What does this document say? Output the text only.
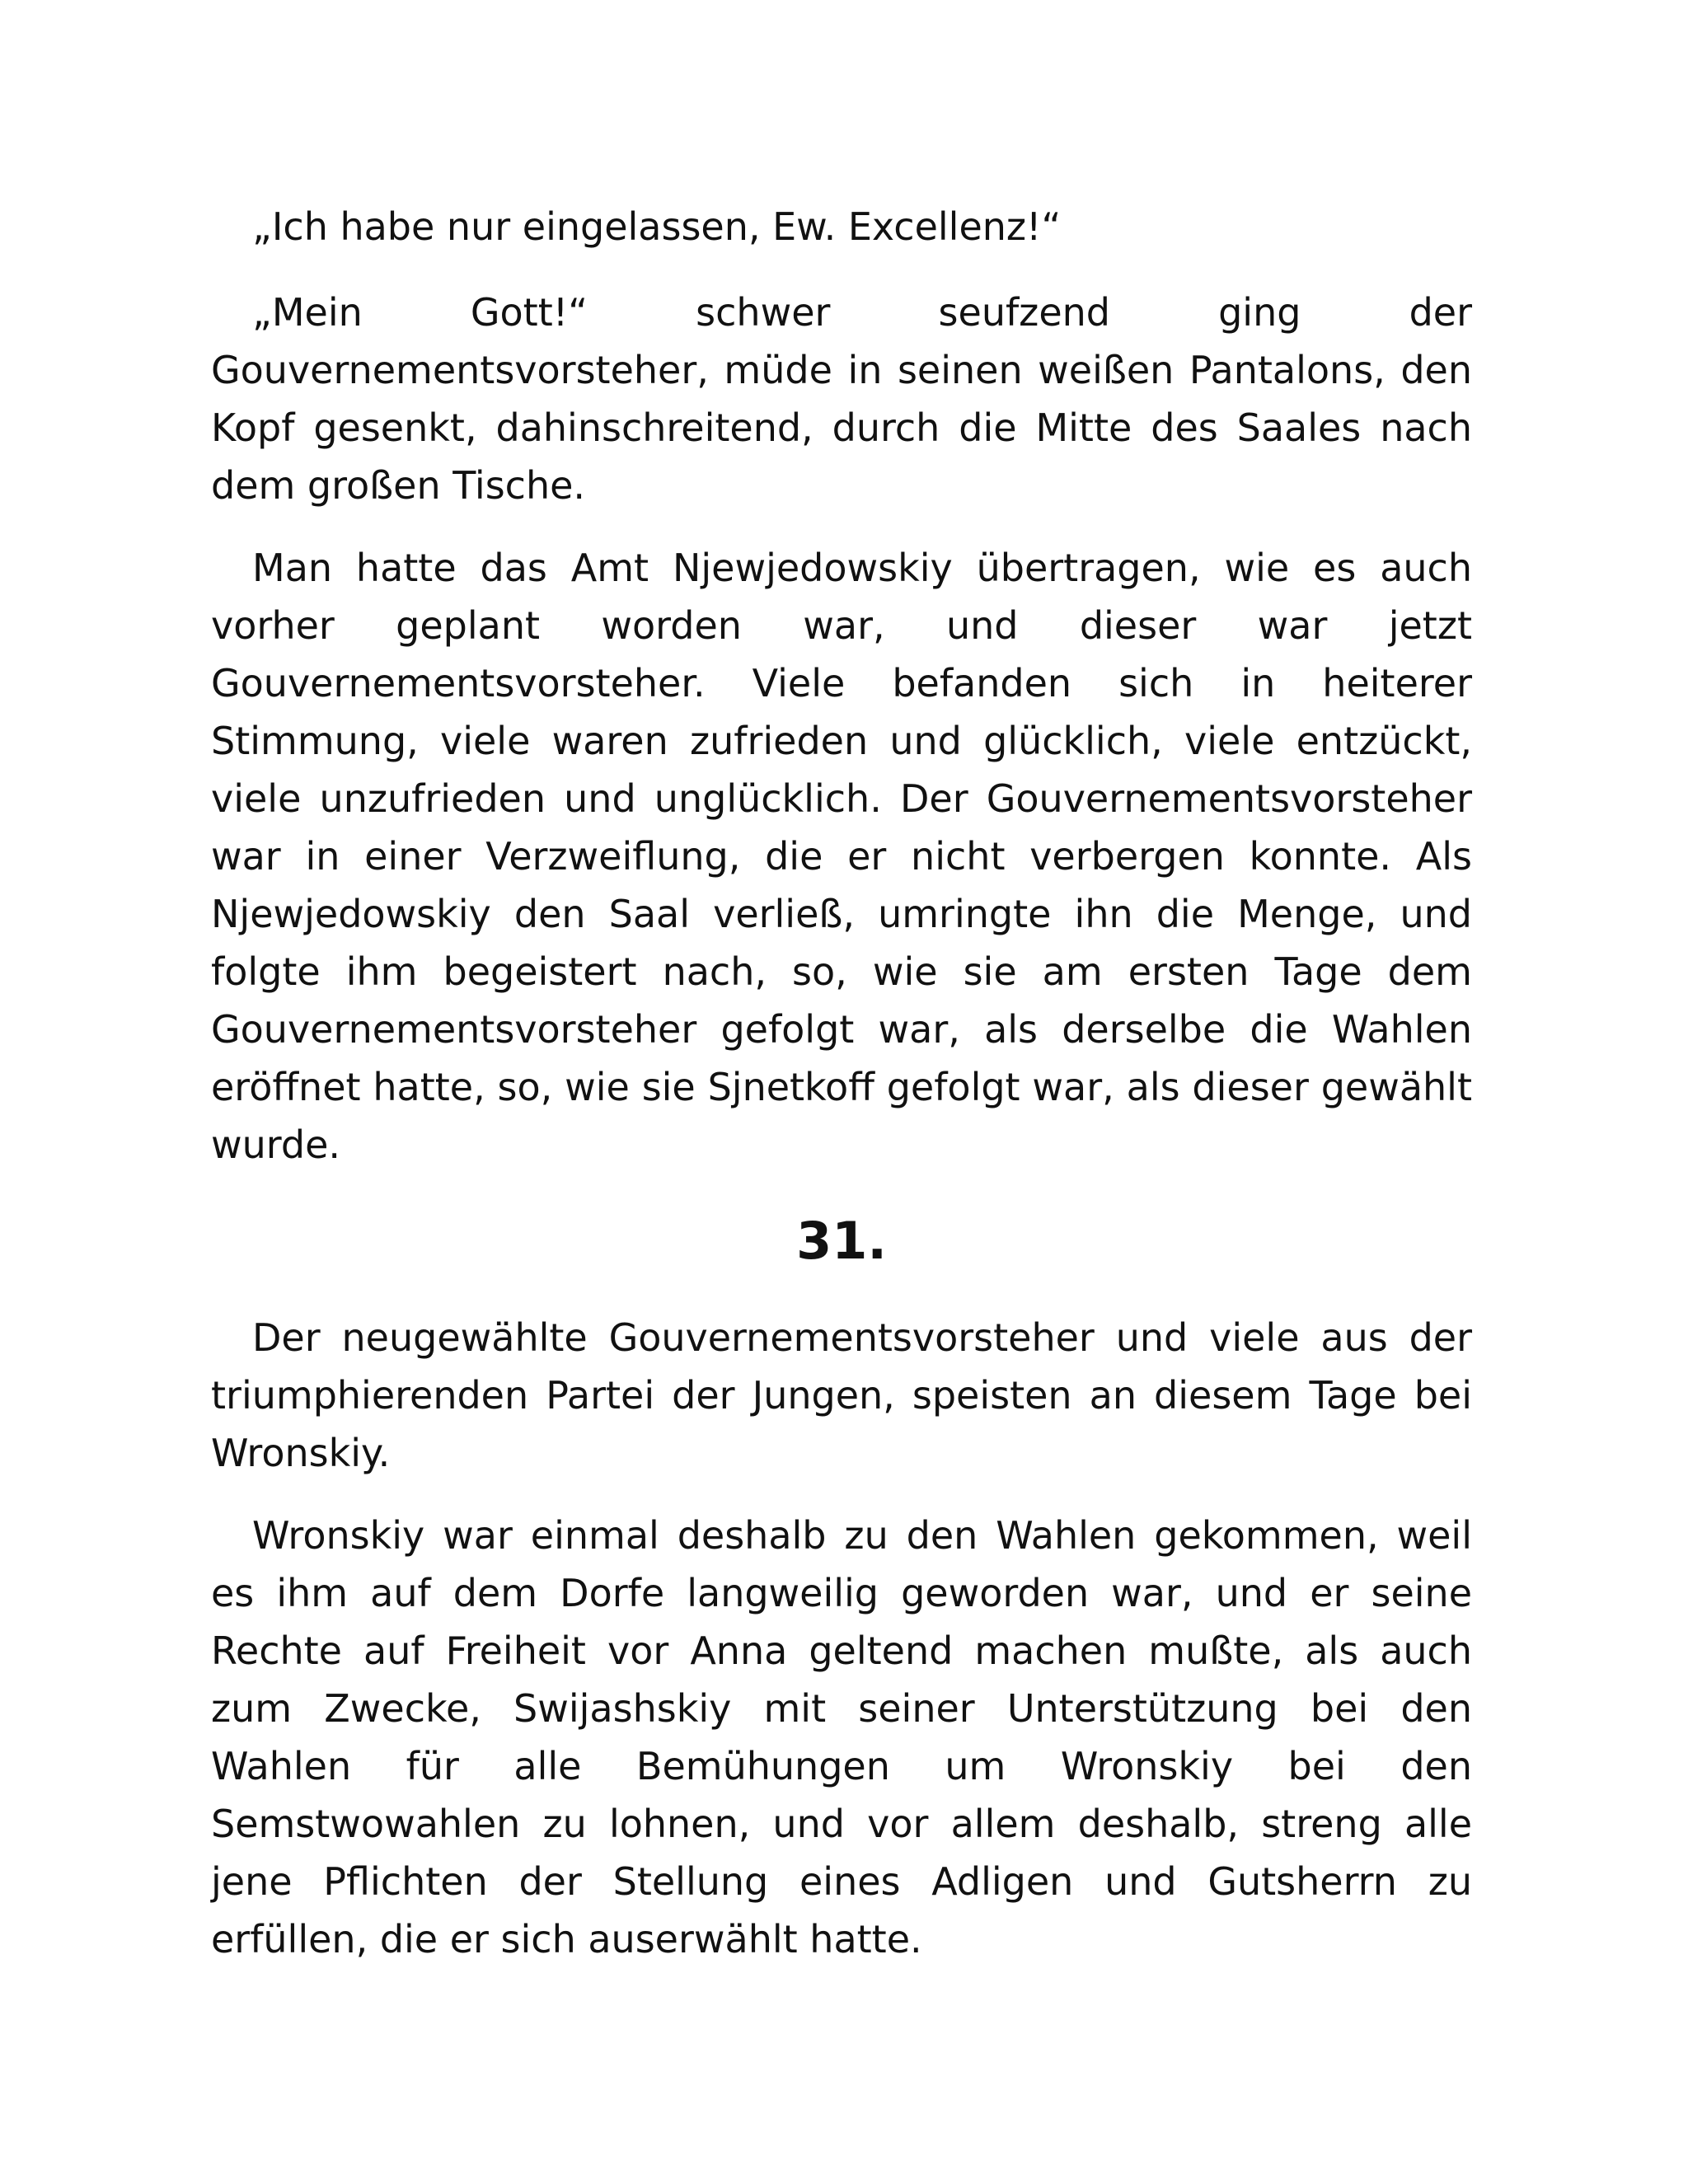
„Ich habe nur eingelassen, Ew. Excellenz!“

„Mein Gott!“ schwer seufzend ging der Gouvernementsvorsteher, müde in seinen weißen Pantalons, den Kopf gesenkt, dahinschreitend, durch die Mitte des Saales nach dem großen Tische.

Man hatte das Amt Njewjedowskiy übertragen, wie es auch vorher geplant worden war, und dieser war jetzt Gouvernementsvorsteher. Viele befanden sich in heiterer Stimmung, viele waren zufrieden und glücklich, viele entzückt, viele unzufrieden und unglücklich. Der Gouvernementsvorsteher war in einer Verzweiflung, die er nicht verbergen konnte. Als Njewjedowskiy den Saal verließ, umringte ihn die Menge, und folgte ihm begeistert nach, so, wie sie am ersten Tage dem Gouvernementsvorsteher gefolgt war, als derselbe die Wahlen eröffnet hatte, so, wie sie Sjnetkoff gefolgt war, als dieser gewählt wurde.

31.

Der neugewählte Gouvernementsvorsteher und viele aus der triumphierenden Partei der Jungen, speisten an diesem Tage bei Wronskiy.

Wronskiy war einmal deshalb zu den Wahlen gekommen, weil es ihm auf dem Dorfe langweilig geworden war, und er seine Rechte auf Freiheit vor Anna geltend machen mußte, als auch zum Zwecke, Swijashskiy mit seiner Unterstützung bei den Wahlen für alle Bemühungen um Wronskiy bei den Semstwowahlen zu lohnen, und vor allem deshalb, streng alle jene Pflichten der Stellung eines Adligen und Gutsherrn zu erfüllen, die er sich auserwählt hatte.
